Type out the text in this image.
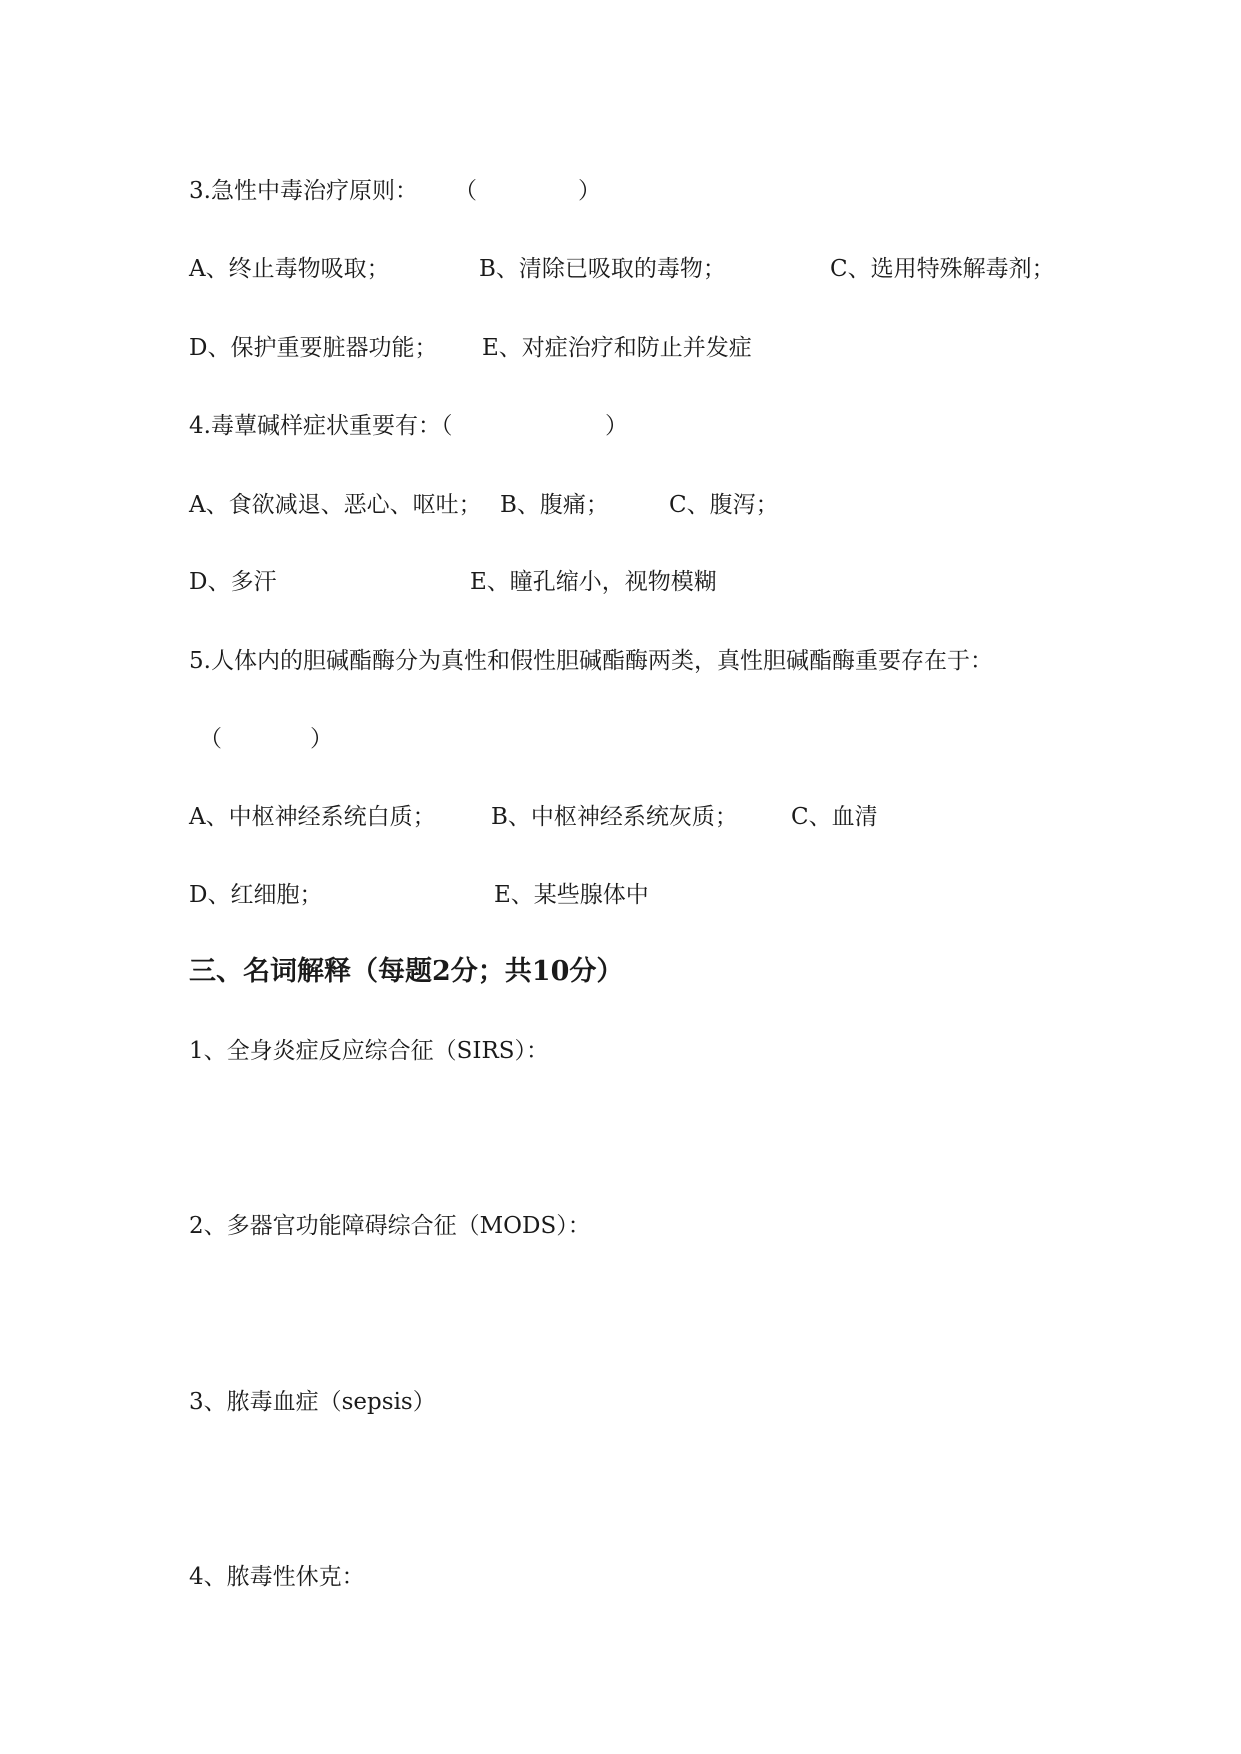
3.急性中毒治疗原则：

（

	）

A、终止毒物吸取；

	B、清除已吸取的毒物；

	C、选用特殊解毒剂；

D、保护重要脏器功能；

E、对症治疗和防止并发症

4.毒蕈碱样症状重要有：（

	）

A、食欲减退、恶心、呕吐；

B、腹痛；

	C、腹泻；

D、多汗

	E、瞳孔缩小，视物模糊

5.人体内的胆碱酯酶分为真性和假性胆碱酯酶两类，真性胆碱酯酶重要存在于：

（

	）

A、中枢神经系统白质；

B、中枢神经系统灰质；

C、血清

D、红细胞；

	E、某些腺体中

三、名词解释（每题2分；共10分）
1、全身炎症反应综合征（SIRS）：
2、多器官功能障碍综合征（MODS）：
3、脓毒血症（sepsis）
4、脓毒性休克：
